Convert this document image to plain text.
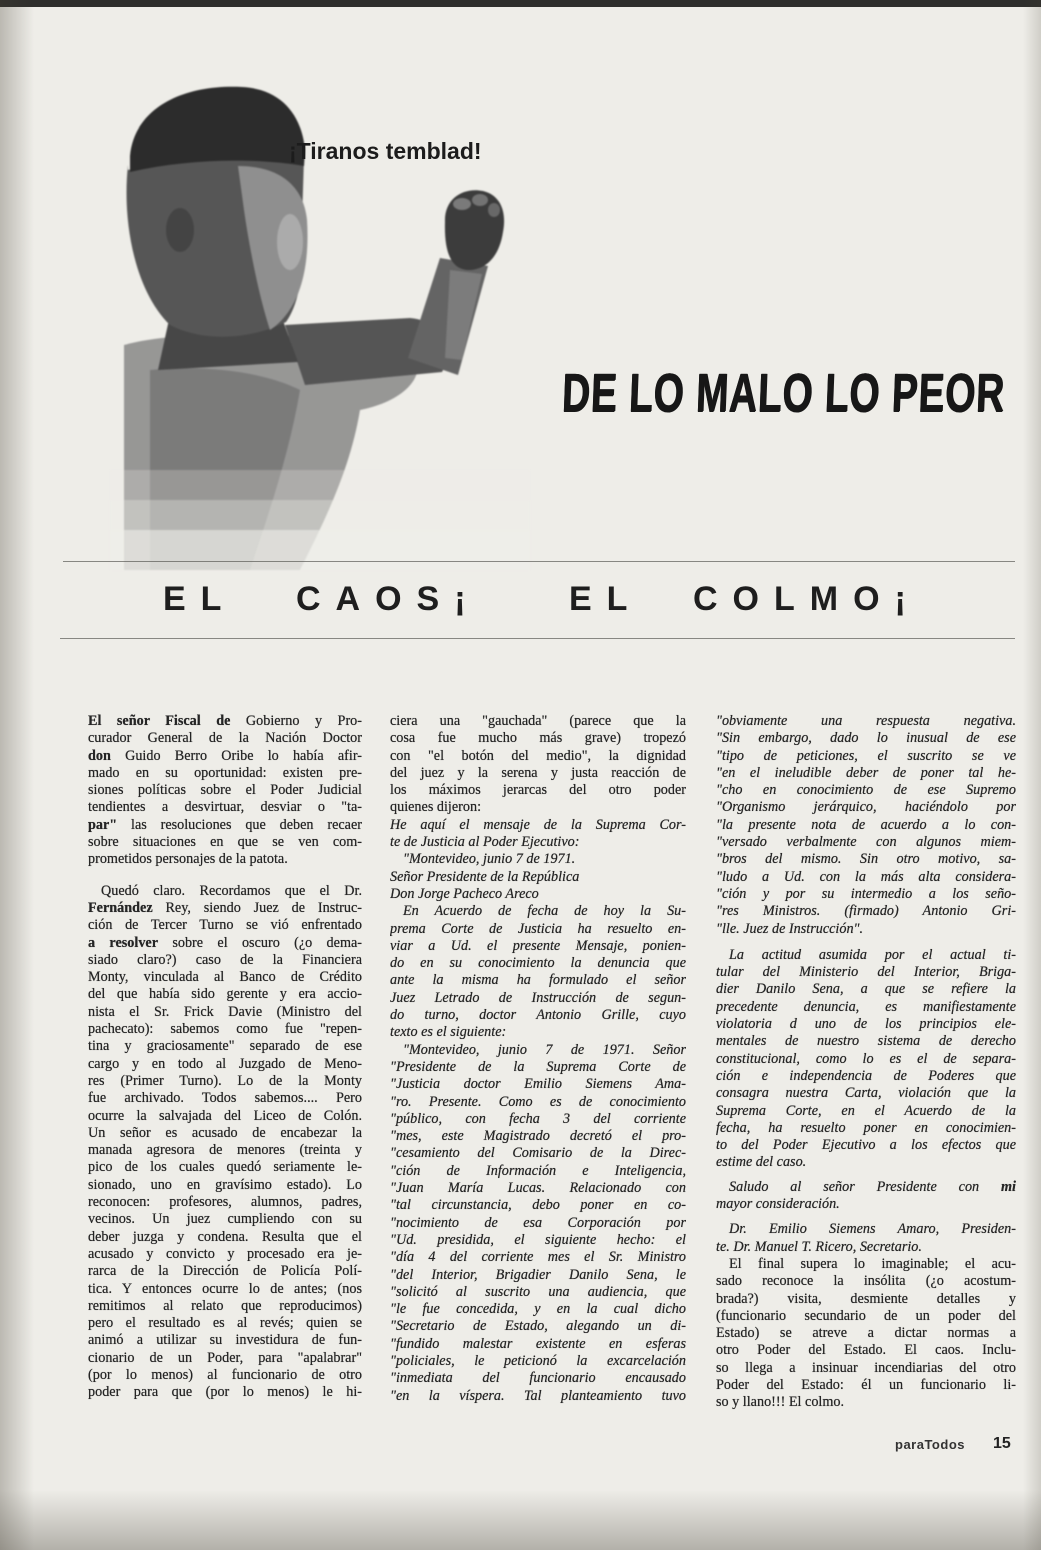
¡Tiranos temblad!
DE LO MALO LO PEOR
EL CAOS¡	EL COLMO¡
El señor Fiscal de Gobierno y Pro-
curador General de la Nación Doctor
don Guido Berro Oribe lo había afir-
mado en su oportunidad: existen pre-
siones políticas sobre el Poder Judicial
tendientes a desvirtuar, desviar o "ta-
par" las resoluciones que deben recaer
sobre situaciones en que se ven com-
prometidos personajes de la patota.
Quedó claro. Recordamos que el Dr.
Fernández Rey, siendo Juez de Instruc-
ción de Tercer Turno se vió enfrentado
a resolver sobre el oscuro (¿o dema-
siado claro?) caso de la Financiera
Monty, vinculada al Banco de Crédito
del que había sido gerente y era accio-
nista el Sr. Frick Davie (Ministro del
pachecato): sabemos como fue "repen-
tina y graciosamente" separado de ese
cargo y en todo al Juzgado de Meno-
res (Primer Turno). Lo de la Monty
fue archivado. Todos sabemos.... Pero
ocurre la salvajada del Liceo de Colón.
Un señor es acusado de encabezar la
manada agresora de menores (treinta y
pico de los cuales quedó seriamente le-
sionado, uno en gravísimo estado). Lo
reconocen: profesores, alumnos, padres,
vecinos. Un juez cumpliendo con su
deber juzga y condena. Resulta que el
acusado y convicto y procesado era je-
rarca de la Dirección de Policía Polí-
tica. Y entonces ocurre lo de antes; (nos
remitimos al relato que reproducimos)
pero el resultado es al revés; quien se
animó a utilizar su investidura de fun-
cionario de un Poder, para "apalabrar"
(por lo menos) al funcionario de otro
poder para que (por lo menos) le hi-
ciera una "gauchada" (parece que la
cosa fue mucho más grave) tropezó
con "el botón del medio", la dignidad
del juez y la serena y justa reacción de
los máximos jerarcas del otro poder
quienes dijeron:
He aquí el mensaje de la Suprema Cor-
te de Justicia al Poder Ejecutivo:
"Montevideo, junio 7 de 1971.
Señor Presidente de la República
Don Jorge Pacheco Areco
En Acuerdo de fecha de hoy la Su-
prema Corte de Justicia ha resuelto en-
viar a Ud. el presente Mensaje, ponien-
do en su conocimiento la denuncia que
ante la misma ha formulado el señor
Juez Letrado de Instrucción de segun-
do turno, doctor Antonio Grille, cuyo
texto es el siguiente:
"Montevideo, junio 7 de 1971. Señor
"Presidente de la Suprema Corte de
"Justicia doctor Emilio Siemens Ama-
"ro. Presente. Como es de conocimiento
"público, con fecha 3 del corriente
"mes, este Magistrado decretó el pro-
"cesamiento del Comisario de la Direc-
"ción de Información e Inteligencia,
"Juan María Lucas. Relacionado con
"tal circunstancia, debo poner en co-
"nocimiento de esa Corporación por
"Ud. presidida, el siguiente hecho: el
"día 4 del corriente mes el Sr. Ministro
"del Interior, Brigadier Danilo Sena, le
"solicitó al suscrito una audiencia, que
"le fue concedida, y en la cual dicho
"Secretario de Estado, alegando un di-
"fundido malestar existente en esferas
"policiales, le peticionó la excarcelación
"inmediata del funcionario encausado
"en la víspera. Tal planteamiento tuvo
"obviamente una respuesta negativa.
"Sin embargo, dado lo inusual de ese
"tipo de peticiones, el suscrito se ve
"en el ineludible deber de poner tal he-
"cho en conocimiento de ese Supremo
"Organismo jerárquico, haciéndolo por
"la presente nota de acuerdo a lo con-
"versado verbalmente con algunos miem-
"bros del mismo. Sin otro motivo, sa-
"ludo a Ud. con la más alta considera-
"ción y por su intermedio a los seño-
"res Ministros. (firmado) Antonio Gri-
"lle. Juez de Instrucción".
La actitud asumida por el actual ti-
tular del Ministerio del Interior, Briga-
dier Danilo Sena, a que se refiere la
precedente denuncia, es manifiestamente
violatoria d uno de los principios ele-
mentales de nuestro sistema de derecho
constitucional, como lo es el de separa-
ción e independencia de Poderes que
consagra nuestra Carta, violación que la
Suprema Corte, en el Acuerdo de la
fecha, ha resuelto poner en conocimien-
to del Poder Ejecutivo a los efectos que
estime del caso.
Saludo al señor Presidente con mi
mayor consideración.
Dr. Emilio Siemens Amaro, Presiden-
te. Dr. Manuel T. Ricero, Secretario.
El final supera lo imaginable; el acu-
sado reconoce la insólita (¿o acostum-
brada?) visita, desmiente detalles y
(funcionario secundario de un poder del
Estado) se atreve a dictar normas a
otro Poder del Estado. El caos. Inclu-
so llega a insinuar incendiarias del otro
Poder del Estado: él un funcionario li-
so y llano!!! El colmo.
paraTodos 15
